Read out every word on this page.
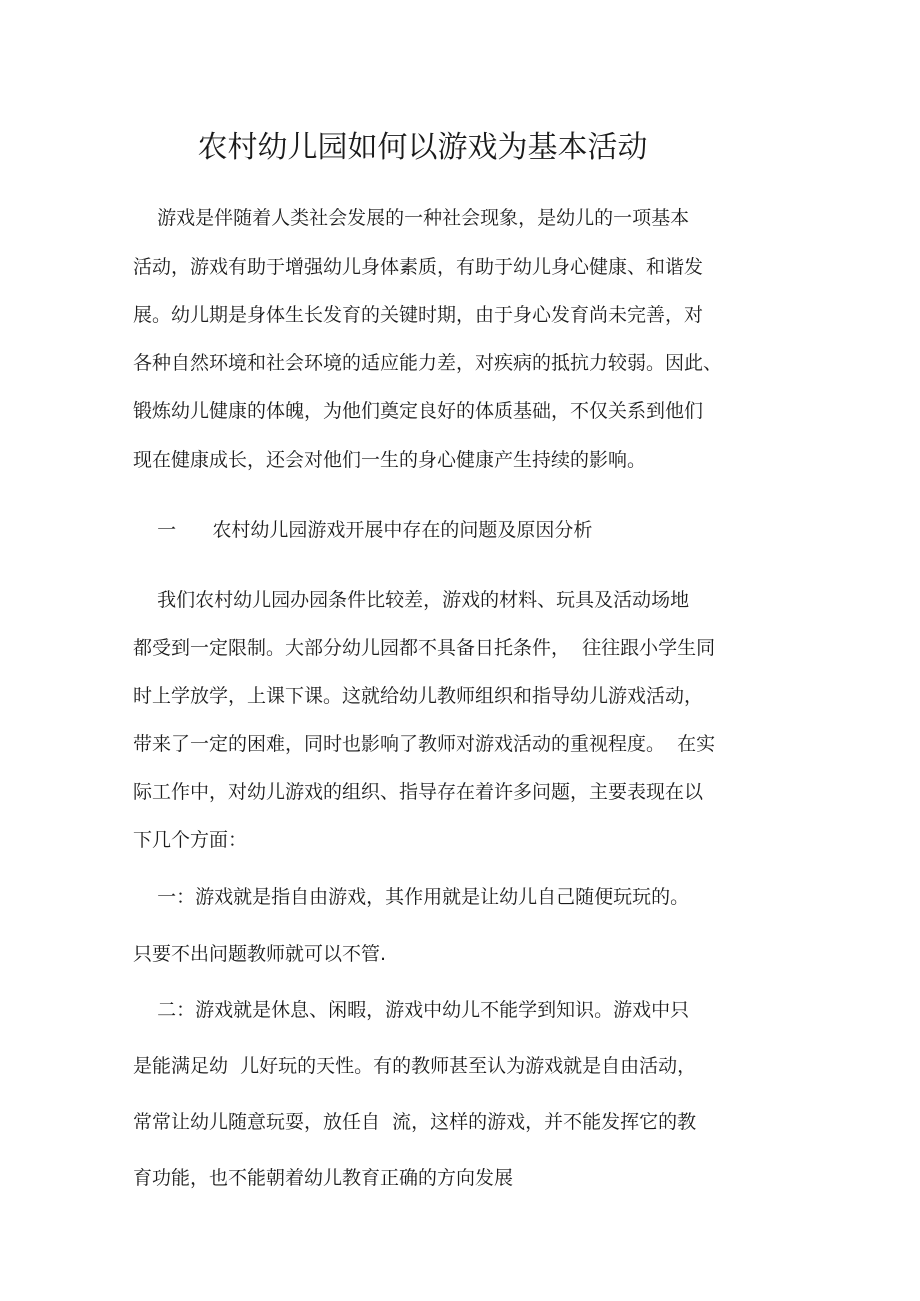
农村幼儿园如何以游戏为基本活动

游戏是伴随着人类社会发展的一种社会现象，是幼儿的一项基本

活动，游戏有助于增强幼儿身体素质，有助于幼儿身心健康、和谐发

展。幼儿期是身体生长发育的关键时期，由于身心发育尚未完善，对

各种自然环境和社会环境的适应能力差，对疾病的抵抗力较弱。因此、

锻炼幼儿健康的体魄，为他们奠定良好的体质基础，不仅关系到他们

现在健康成长，还会对他们一生的身心健康产生持续的影响。

一      农村幼儿园游戏开展中存在的问题及原因分析

我们农村幼儿园办园条件比较差，游戏的材料、玩具及活动场地

都受到一定限制。大部分幼儿园都不具备日托条件，  往往跟小学生同

时上学放学，上课下课。这就给幼儿教师组织和指导幼儿游戏活动，

带来了一定的困难，同时也影响了教师对游戏活动的重视程度。  在实

际工作中，对幼儿游戏的组织、指导存在着许多问题，主要表现在以

下几个方面：

一：游戏就是指自由游戏，其作用就是让幼儿自己随便玩玩的。

只要不出问题教师就可以不管.

二：游戏就是休息、闲暇，游戏中幼儿不能学到知识。游戏中只

是能满足幼  儿好玩的天性。有的教师甚至认为游戏就是自由活动，

常常让幼儿随意玩耍，放任自  流，这样的游戏，并不能发挥它的教

育功能，也不能朝着幼儿教育正确的方向发展
